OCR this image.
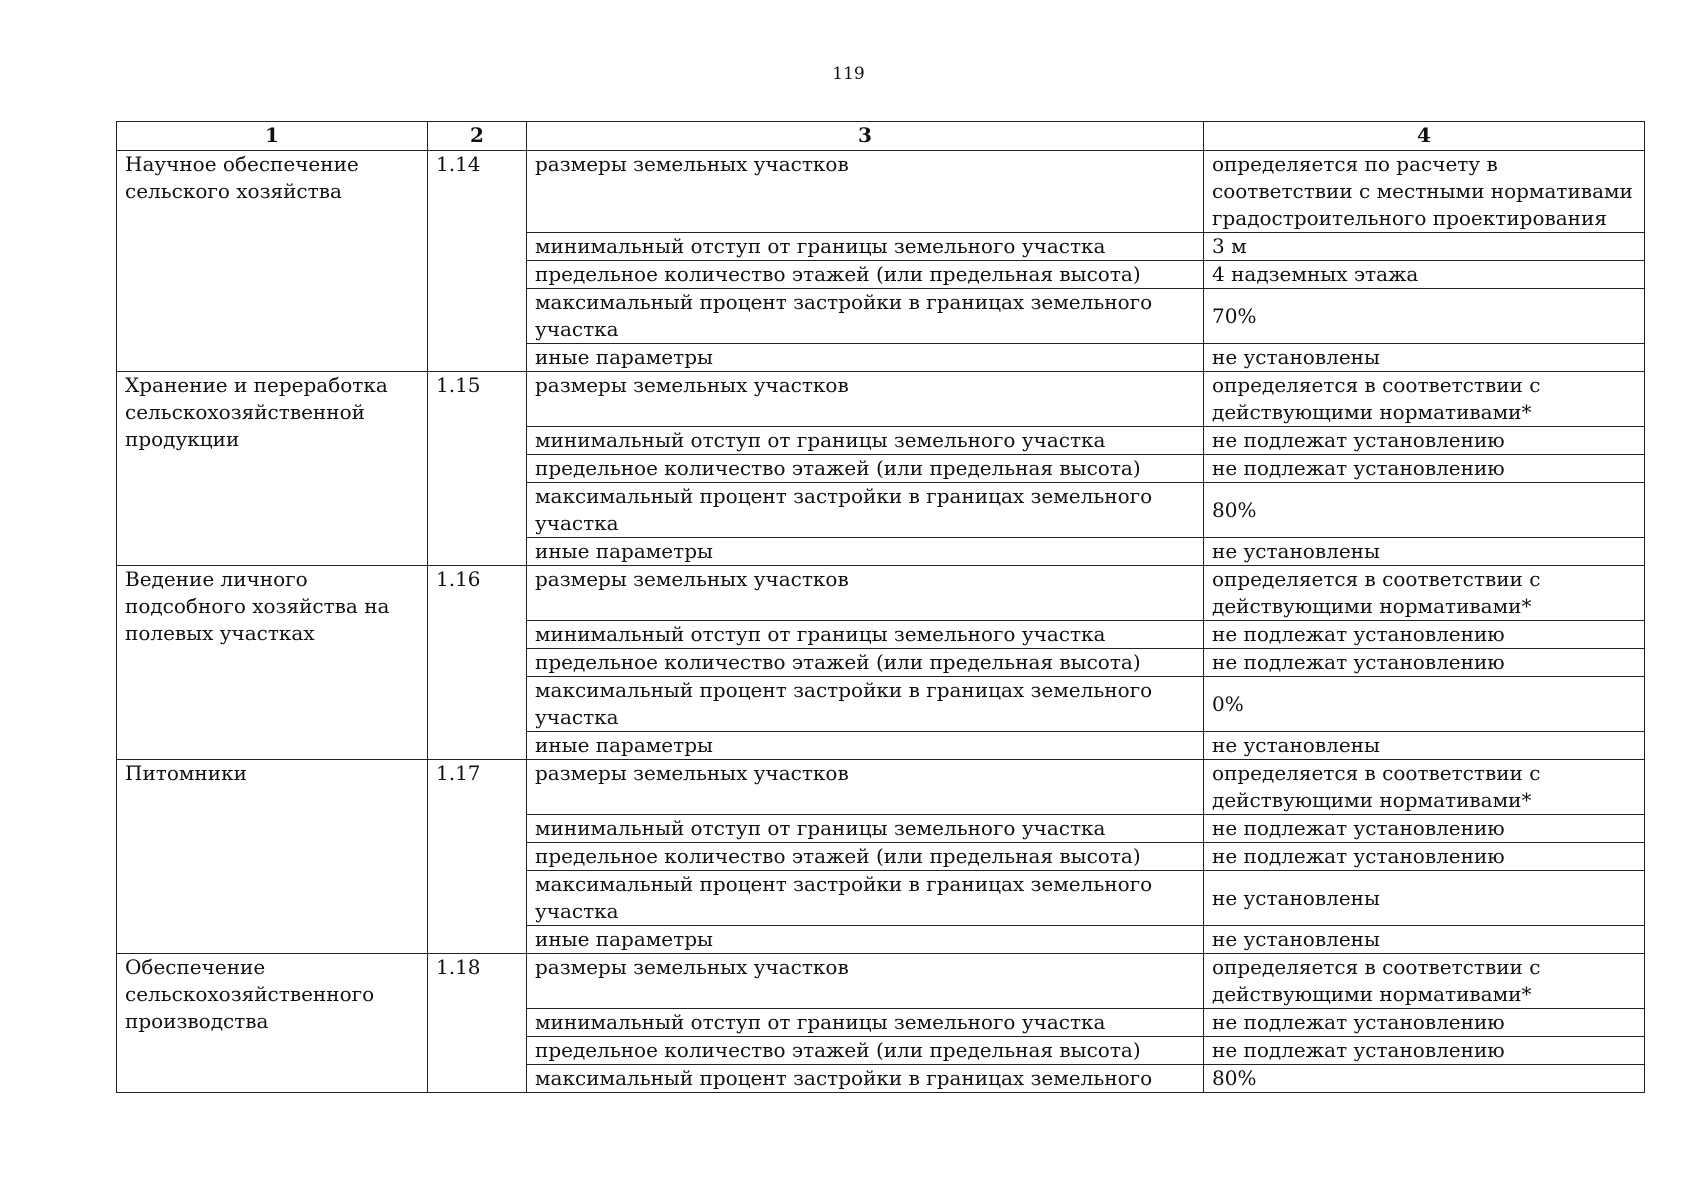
119
1	2	3	4
Научное обеспечение сельского хозяйства	1.14	размеры земельных участков	определяется по расчету в соответствии с местными нормативами градостроительного проектирования
		минимальный отступ от границы земельного участка	3 м
		предельное количество этажей (или предельная высота)	4 надземных этажа
		максимальный процент застройки в границах земельного участка	70%
		иные параметры	не установлены
Хранение и переработка сельскохозяйственной продукции	1.15	размеры земельных участков	определяется в соответствии с действующими нормативами*
		минимальный отступ от границы земельного участка	не подлежат установлению
		предельное количество этажей (или предельная высота)	не подлежат установлению
		максимальный процент застройки в границах земельного участка	80%
		иные параметры	не установлены
Ведение личного подсобного хозяйства на полевых участках	1.16	размеры земельных участков	определяется в соответствии с действующими нормативами*
		минимальный отступ от границы земельного участка	не подлежат установлению
		предельное количество этажей (или предельная высота)	не подлежат установлению
		максимальный процент застройки в границах земельного участка	0%
		иные параметры	не установлены
Питомники	1.17	размеры земельных участков	определяется в соответствии с действующими нормативами*
		минимальный отступ от границы земельного участка	не подлежат установлению
		предельное количество этажей (или предельная высота)	не подлежат установлению
		максимальный процент застройки в границах земельного участка	не установлены
		иные параметры	не установлены
Обеспечение сельскохозяйственного производства	1.18	размеры земельных участков	определяется в соответствии с действующими нормативами*
		минимальный отступ от границы земельного участка	не подлежат установлению
		предельное количество этажей (или предельная высота)	не подлежат установлению
		максимальный процент застройки в границах земельного	80%
